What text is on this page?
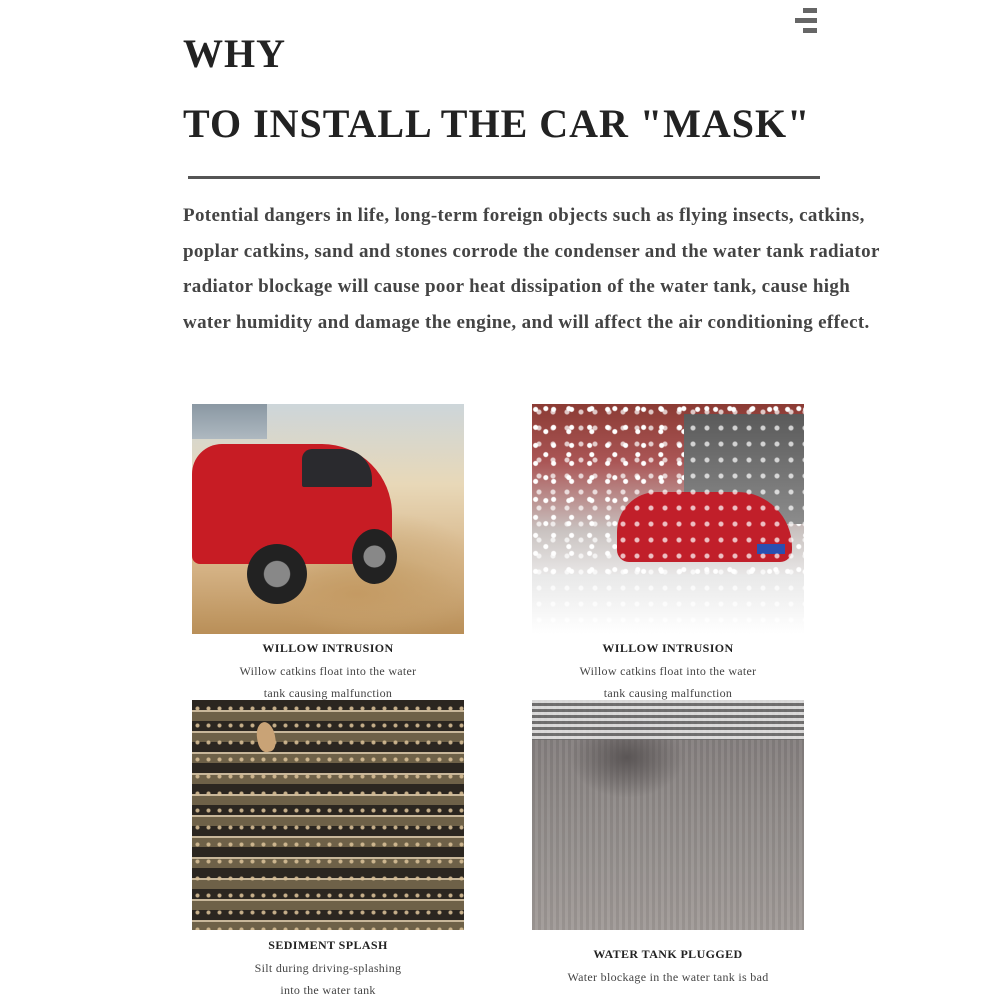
WHY
TO INSTALL THE CAR "MASK"

Potential dangers in life, long-term foreign objects such as flying insects, catkins, poplar catkins, sand and stones corrode the condenser and the water tank radiator radiator blockage will cause poor heat dissipation of the water tank, cause high water humidity and damage the engine, and will affect the air conditioning effect.

WILLOW INTRUSION
Willow catkins float into the water
tank causing malfunction
WILLOW INTRUSION
Willow catkins float into the water
tank causing malfunction
SEDIMENT SPLASH
Silt during driving-splashing
into the water tank
WATER TANK PLUGGED
Water blockage in the water tank is bad
